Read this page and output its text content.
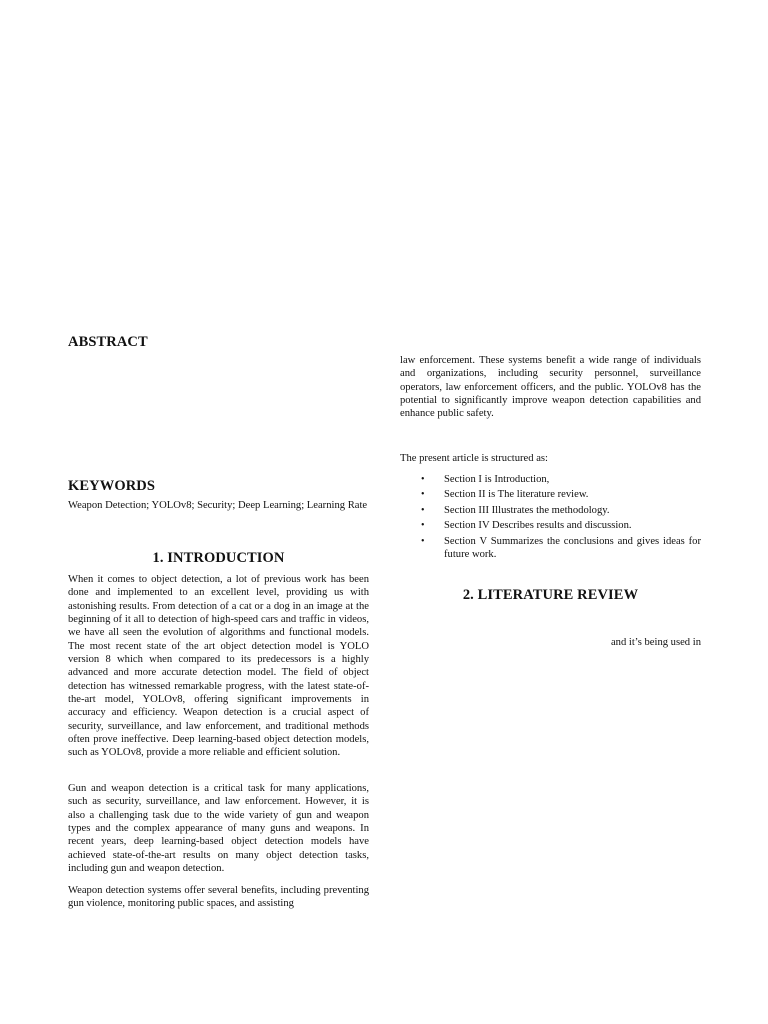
ABSTRACT
KEYWORDS

Weapon Detection; YOLOv8; Security; Deep Learning; Learning Rate

1. INTRODUCTION

When it comes to object detection, a lot of previous work has been done and implemented to an excellent level, providing us with astonishing results. From detection of a cat or a dog in an image at the beginning of it all to detection of high-speed cars and traffic in videos, we have all seen the evolution of algorithms and functional models. The most recent state of the art object detection model is YOLO version 8 which when compared to its predecessors is a highly advanced and more accurate detection model. The field of object detection has witnessed remarkable progress, with the latest state-of-the-art model, YOLOv8, offering significant improvements in accuracy and efficiency. Weapon detection is a crucial aspect of security, surveillance, and law enforcement, and traditional methods often prove ineffective. Deep learning-based object detection models, such as YOLOv8, provide a more reliable and efficient solution.

Gun and weapon detection is a critical task for many applications, such as security, surveillance, and law enforcement. However, it is also a challenging task due to the wide variety of gun and weapon types and the complex appearance of many guns and weapons. In recent years, deep learning-based object detection models have achieved state-of-the-art results on many object detection tasks, including gun and weapon detection.

Weapon detection systems offer several benefits, including preventing gun violence, monitoring public spaces, and assisting

law enforcement. These systems benefit a wide range of individuals and organizations, including security personnel, surveillance operators, law enforcement officers, and the public. YOLOv8 has the potential to significantly improve weapon detection capabilities and enhance public safety.

The present article is structured as:

• Section I is Introduction,
• Section II is The literature review.
• Section III Illustrates the methodology.
• Section IV Describes results and discussion.
• Section V Summarizes the conclusions and gives ideas for future work.
2. LITERATURE REVIEW
and it’s being used in
